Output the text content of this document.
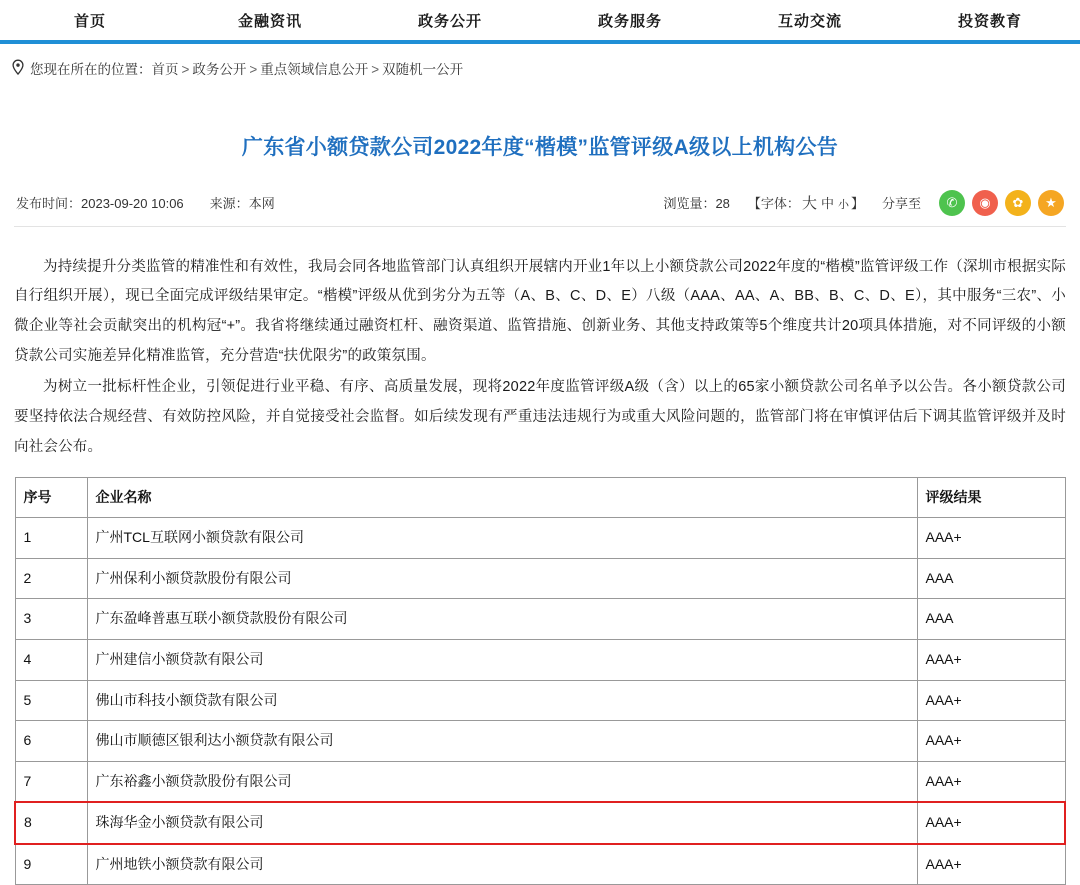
首页	金融资讯	政务公开	政务服务	互动交流	投资教育
您现在所在的位置：首页 > 政务公开 > 重点领域信息公开 > 双随机一公开
广东省小额贷款公司2022年度“楷模”监管评级A级以上机构公告
发布时间：2023-09-20 10:06 来源：本网	浏览量：28 【字体： 大 中 小 】 分享至	✆	◉	✿	★

为持续提升分类监管的精准性和有效性，我局会同各地监管部门认真组织开展辖内开业1年以上小额贷款公司2022年度的“楷模”监管评级工作（深圳市根据实际自行组织开展），现已全面完成评级结果审定。“楷模”评级从优到劣分为五等（A、B、C、D、E）八级（AAA、AA、A、BB、B、C、D、E），其中服务“三农”、小微企业等社会贡献突出的机构冠“+”。我省将继续通过融资杠杆、融资渠道、监管措施、创新业务、其他支持政策等5个维度共计20项具体措施，对不同评级的小额贷款公司实施差异化精准监管，充分营造“扶优限劣”的政策氛围。

为树立一批标杆性企业，引领促进行业平稳、有序、高质量发展，现将2022年度监管评级A级（含）以上的65家小额贷款公司名单予以公告。各小额贷款公司要坚持依法合规经营、有效防控风险，并自觉接受社会监督。如后续发现有严重违法违规行为或重大风险问题的，监管部门将在审慎评估后下调其监管评级并及时向社会公布。

序号	企业名称	评级结果
1	广州TCL互联网小额贷款有限公司	AAA+
2	广州保利小额贷款股份有限公司	AAA
3	广东盈峰普惠互联小额贷款股份有限公司	AAA
4	广州建信小额贷款有限公司	AAA+
5	佛山市科技小额贷款有限公司	AAA+
6	佛山市顺德区银利达小额贷款有限公司	AAA+
7	广东裕鑫小额贷款股份有限公司	AAA+
8	珠海华金小额贷款有限公司	AAA+
9	广州地铁小额贷款有限公司	AAA+
